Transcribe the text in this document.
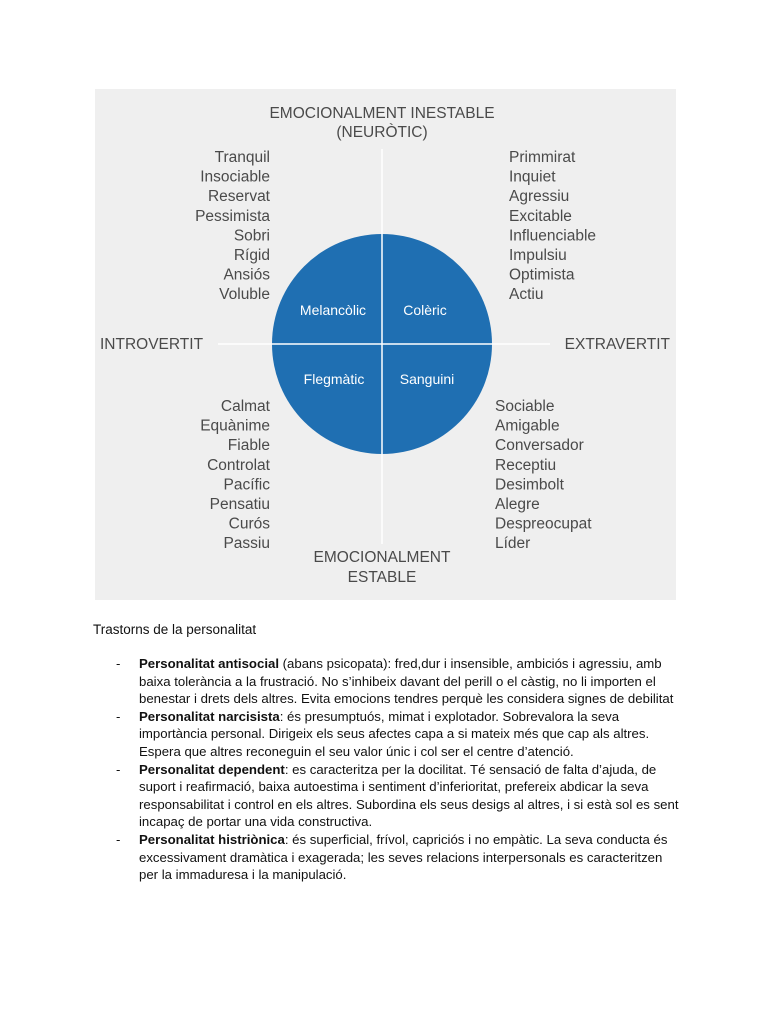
EMOCIONALMENT INESTABLE
(NEURÒTIC)
EMOCIONALMENT
ESTABLE
INTROVERTIT	EXTRAVERTIT
Melancòlic	Colèric
Flegmàtic	Sanguini
Tranquil
Insociable
Reservat
Pessimista
Sobri
Rígid
Ansiós
Voluble
Primmirat
Inquiet
Agressiu
Excitable
Influenciable
Impulsiu
Optimista
Actiu
Calmat
Equànime
Fiable
Controlat
Pacífic
Pensatiu
Curós
Passiu
Sociable
Amigable
Conversador
Receptiu
Desimbolt
Alegre
Despreocupat
Líder
Trastorns de la personalitat
- Personalitat antisocial (abans psicopata): fred,dur i insensible, ambiciós i agressiu, amb baixa tolerància a la frustració. No s’inhibeix davant del perill o el càstig, no li importen el benestar i drets dels altres. Evita emocions tendres perquè les considera signes de debilitat
- Personalitat narcisista: és presumptuós, mimat i explotador. Sobrevalora la seva importància personal. Dirigeix els seus afectes capa a si mateix més que cap als altres. Espera que altres reconeguin el seu valor únic i col ser el centre d’atenció.
- Personalitat dependent: es caracteritza per la docilitat. Té sensació de falta d’ajuda, de suport i reafirmació, baixa autoestima i sentiment d’inferioritat, prefereix abdicar la seva responsabilitat i control en els altres. Subordina els seus desigs al altres, i si està sol es sent incapaç de portar una vida constructiva.
- Personalitat histriònica: és superficial, frívol, capriciós i no empàtic. La seva conducta és excessivament dramàtica i exagerada; les seves relacions interpersonals es caracteritzen per la immaduresa i la manipulació.
